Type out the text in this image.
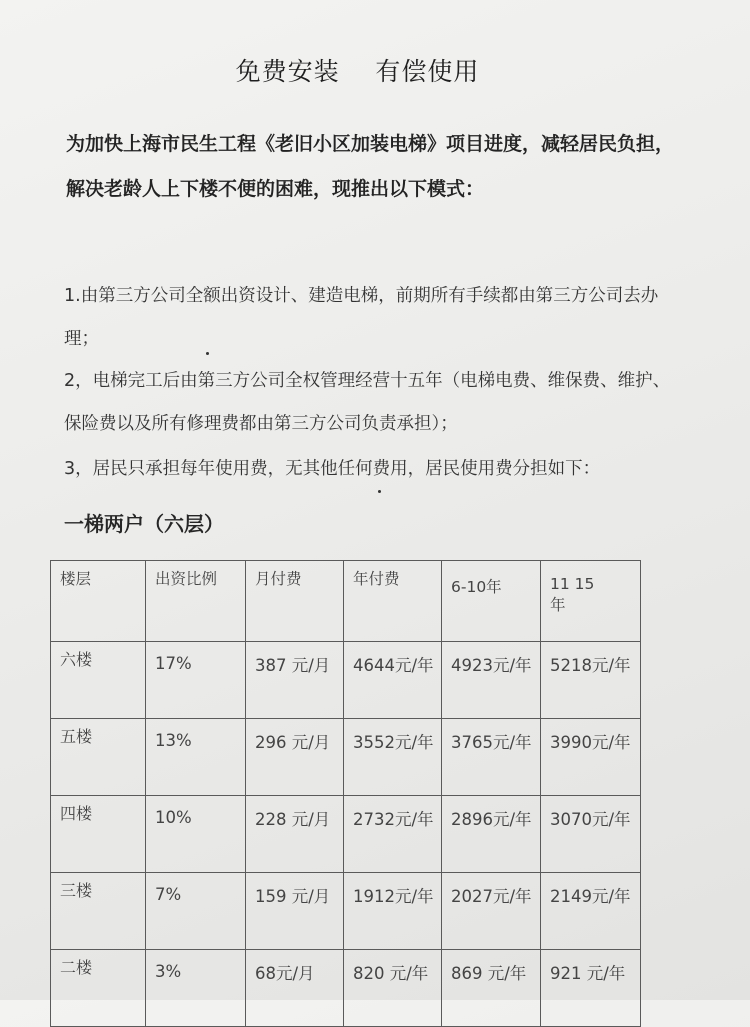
免费安装    有偿使用
为加快上海市民生工程《老旧小区加装电梯》项目进度，减轻居民负担，解决老龄人上下楼不便的困难，现推出以下模式：
1.由第三方公司全额出资设计、建造电梯，前期所有手续都由第三方公司去办理；
2，电梯完工后由第三方公司全权管理经营十五年（电梯电费、维保费、维护、保险费以及所有修理费都由第三方公司负责承担）；
3，居民只承担每年使用费，无其他任何费用，居民使用费分担如下：
一梯两户（六层）
楼层	出资比例	月付费	年付费	6-10年	11 15
年

六楼	17%	387 元/月	4644元/年	4923元/年	5218元/年
五楼	13%	296 元/月	3552元/年	3765元/年	3990元/年
四楼	10%	228 元/月	2732元/年	2896元/年	3070元/年
三楼	7%	159 元/月	1912元/年	2027元/年	2149元/年
二楼	3%	68元/月	820 元/年	869 元/年	921 元/年
